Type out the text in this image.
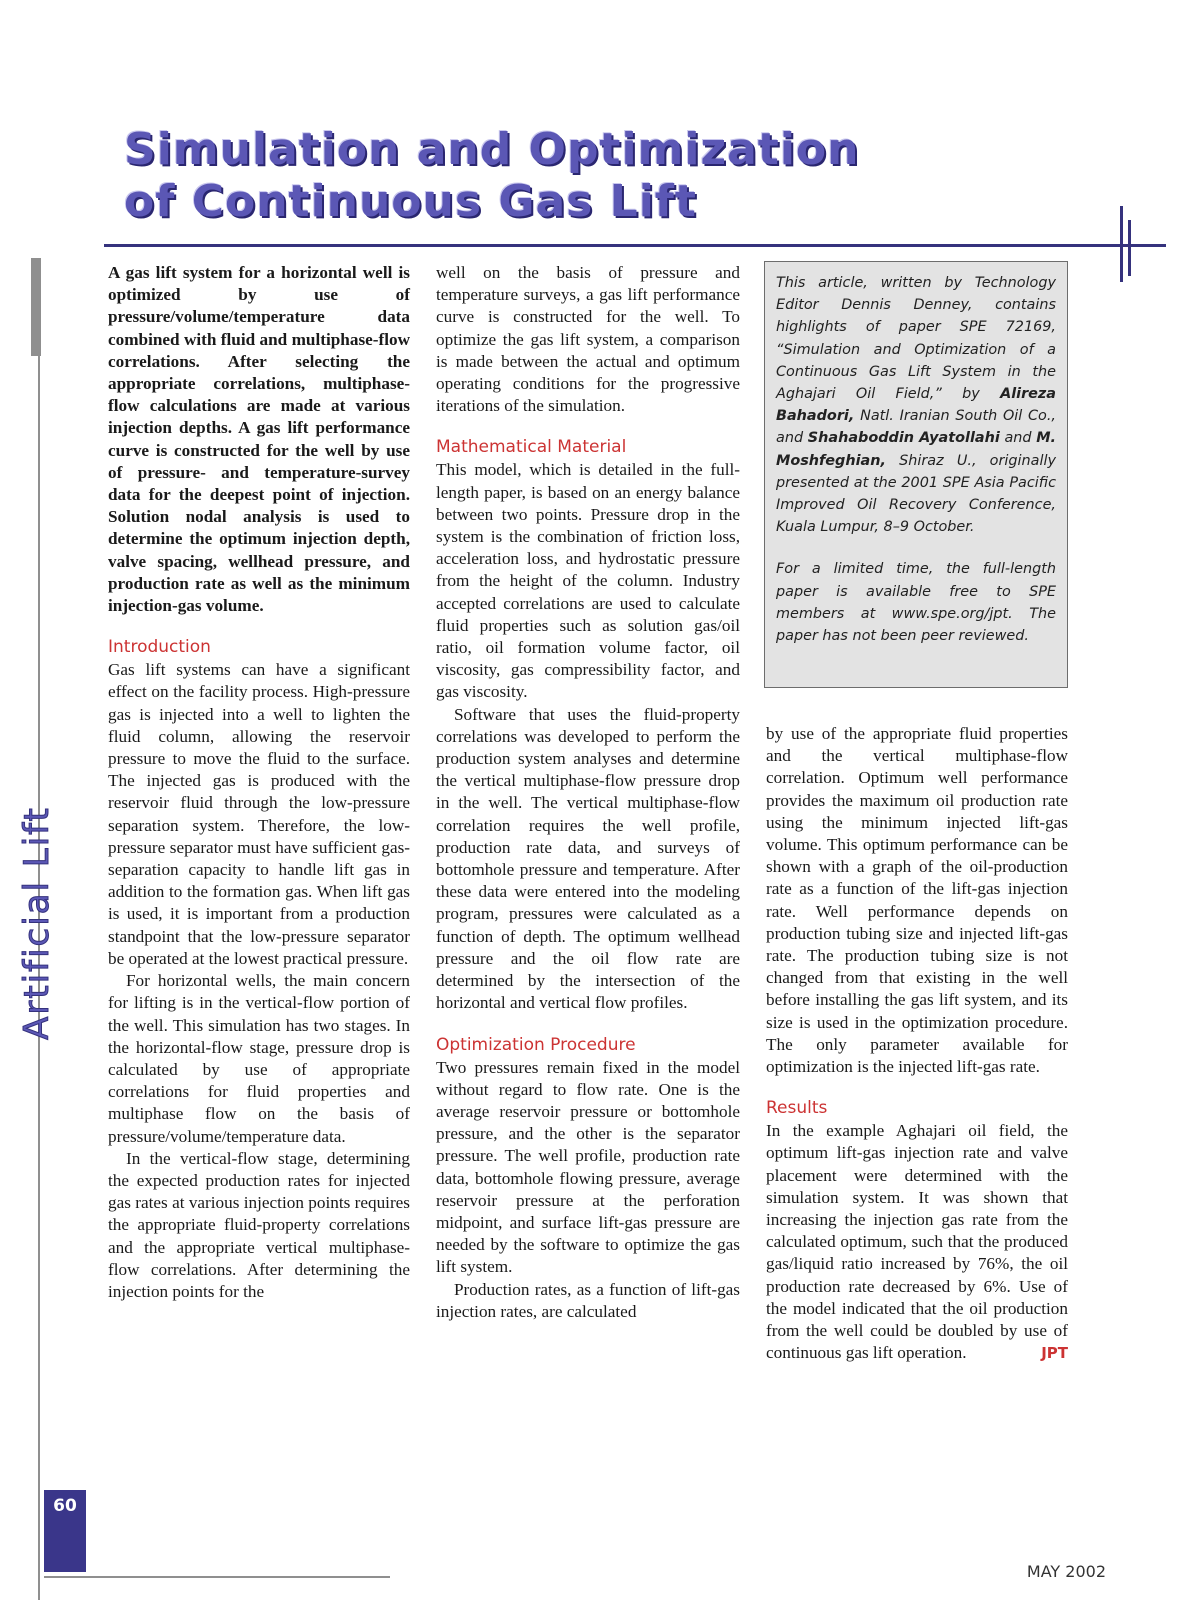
Simulation and Optimization
of Continuous Gas Lift
Artificial Lift

A gas lift system for a horizontal well is optimized by use of pressure/volume/temperature data combined with fluid and multiphase-flow correlations. After selecting the appropriate correlations, multiphase-flow calculations are made at various injection depths. A gas lift performance curve is constructed for the well by use of pressure- and temperature-survey data for the deepest point of injection. Solution nodal analysis is used to determine the optimum injection depth, valve spacing, wellhead pressure, and production rate as well as the minimum injection-gas volume.

Introduction

Gas lift systems can have a significant effect on the facility process. High-pressure gas is injected into a well to lighten the fluid column, allowing the reservoir pressure to move the fluid to the surface. The injected gas is produced with the reservoir fluid through the low-pressure separation system. Therefore, the low-pressure separator must have sufficient gas-separation capacity to handle lift gas in addition to the formation gas. When lift gas is used, it is important from a production standpoint that the low-pressure separator be operated at the lowest practical pressure.

For horizontal wells, the main concern for lifting is in the vertical-flow portion of the well. This simulation has two stages. In the horizontal-flow stage, pressure drop is calculated by use of appropriate correlations for fluid properties and multiphase flow on the basis of pressure/volume/temperature data.

In the vertical-flow stage, determining the expected production rates for injected gas rates at various injection points requires the appropriate fluid-property correlations and the appropriate vertical multiphase-flow correlations. After determining the injection points for the

well on the basis of pressure and temperature surveys, a gas lift performance curve is constructed for the well. To optimize the gas lift system, a comparison is made between the actual and optimum operating conditions for the progressive iterations of the simulation.

Mathematical Material

This model, which is detailed in the full-length paper, is based on an energy balance between two points. Pressure drop in the system is the combination of friction loss, acceleration loss, and hydrostatic pressure from the height of the column. Industry accepted correlations are used to calculate fluid properties such as solution gas/oil ratio, oil formation volume factor, oil viscosity, gas compressibility factor, and gas viscosity.

Software that uses the fluid-property correlations was developed to perform the production system analyses and determine the vertical multiphase-flow pressure drop in the well. The vertical multiphase-flow correlation requires the well profile, production rate data, and surveys of bottomhole pressure and temperature. After these data were entered into the modeling program, pressures were calculated as a function of depth. The optimum wellhead pressure and the oil flow rate are determined by the intersection of the horizontal and vertical flow profiles.

Optimization Procedure

Two pressures remain fixed in the model without regard to flow rate. One is the average reservoir pressure or bottomhole pressure, and the other is the separator pressure. The well profile, production rate data, bottomhole flowing pressure, average reservoir pressure at the perforation midpoint, and surface lift-gas pressure are needed by the software to optimize the gas lift system.

Production rates, as a function of lift-gas injection rates, are calculated

This article, written by Technology Editor Dennis Denney, contains highlights of paper SPE 72169, “Simulation and Optimization of a Continuous Gas Lift System in the Aghajari Oil Field,” by Alireza Bahadori, Natl. Iranian South Oil Co., and Shahaboddin Ayatollahi and M. Moshfeghian, Shiraz U., originally presented at the 2001 SPE Asia Pacific Improved Oil Recovery Conference, Kuala Lumpur, 8–9 October.

For a limited time, the full-length paper is available free to SPE members at www.spe.org/jpt. The paper has not been peer reviewed.

by use of the appropriate fluid properties and the vertical multiphase-flow correlation. Optimum well performance provides the maximum oil production rate using the minimum injected lift-gas volume. This optimum performance can be shown with a graph of the oil-production rate as a function of the lift-gas injection rate. Well performance depends on production tubing size and injected lift-gas rate. The production tubing size is not changed from that existing in the well before installing the gas lift system, and its size is used in the optimization procedure. The only parameter available for optimization is the injected lift-gas rate.

Results

In the example Aghajari oil field, the optimum lift-gas injection rate and valve placement were determined with the simulation system. It was shown that increasing the injection gas rate from the calculated optimum, such that the produced gas/liquid ratio increased by 76%, the oil production rate decreased by 6%. Use of the model indicated that the oil production from the well could be doubled by use of continuous gas lift operation.	JPT

60
MAY 2002
